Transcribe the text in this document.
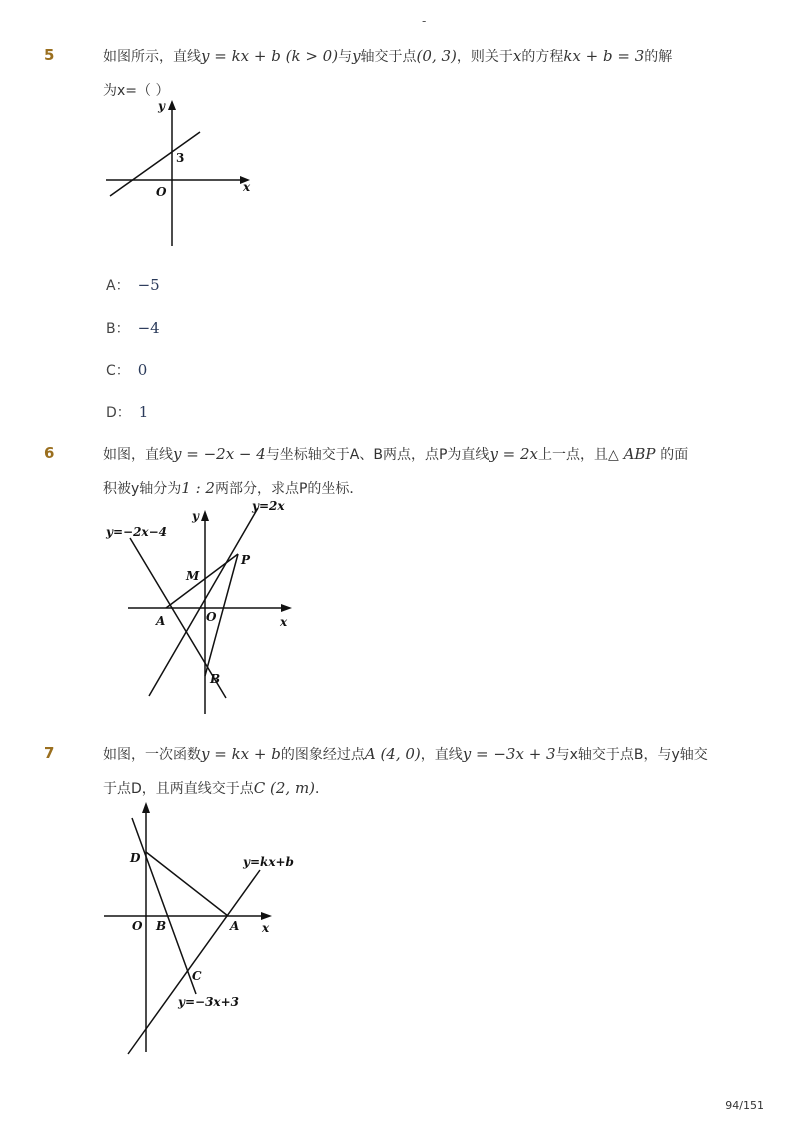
-
5	如图所示，直线y = kx + b (k > 0)与y轴交于点(0, 3)，则关于x的方程kx + b = 3的解
为x=（ ）
y
x
O
3
A： −5
B： −4
C： 0
D： 1
6	如图，直线y = −2x − 4与坐标轴交于A、B两点，点P为直线y = 2x上一点，且△ ABP 的面
积被y轴分为1 : 2两部分，求点P的坐标．
y=−2x−4
y=2x
y
x
O
A
B
M
P
7	如图，一次函数y = kx + b的图象经过点A (4, 0)，直线y = −3x + 3与x轴交于点B，与y轴交
于点D，且两直线交于点C (2, m)．
y=kx+b
y=−3x+3
x
O B	A
C
D
94/151
